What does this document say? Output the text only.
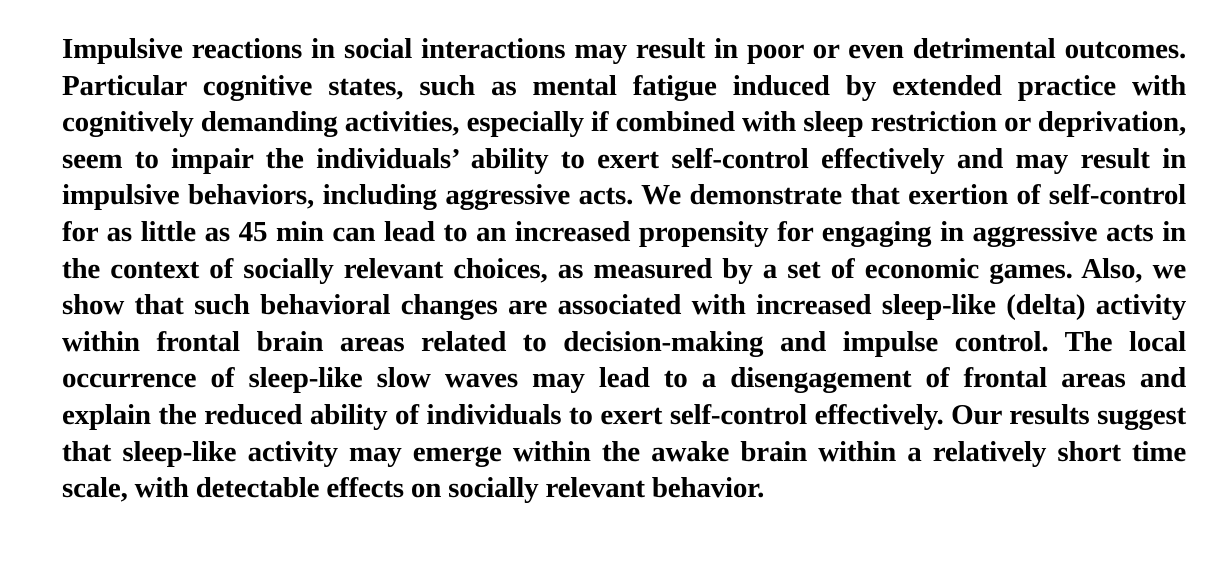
Impulsive reactions in social interactions may result in poor or even detrimental outcomes. Particular cognitive states, such as mental fatigue induced by extended practice with cognitively demanding activities, especially if combined with sleep restriction or deprivation, seem to impair the individuals’ ability to exert self-control effectively and may result in impulsive behaviors, including aggressive acts. We demonstrate that exertion of self-control for as little as 45 min can lead to an increased propensity for engaging in aggressive acts in the context of socially relevant choices, as measured by a set of economic games. Also, we show that such behavioral changes are associated with increased sleep-like (delta) activity within frontal brain areas related to decision-making and impulse control. The local occurrence of sleep-like slow waves may lead to a disengagement of frontal areas and explain the reduced ability of individuals to exert self-control effectively. Our results suggest that sleep-like activity may emerge within the awake brain within a relatively short time scale, with detectable effects on socially relevant behavior.
